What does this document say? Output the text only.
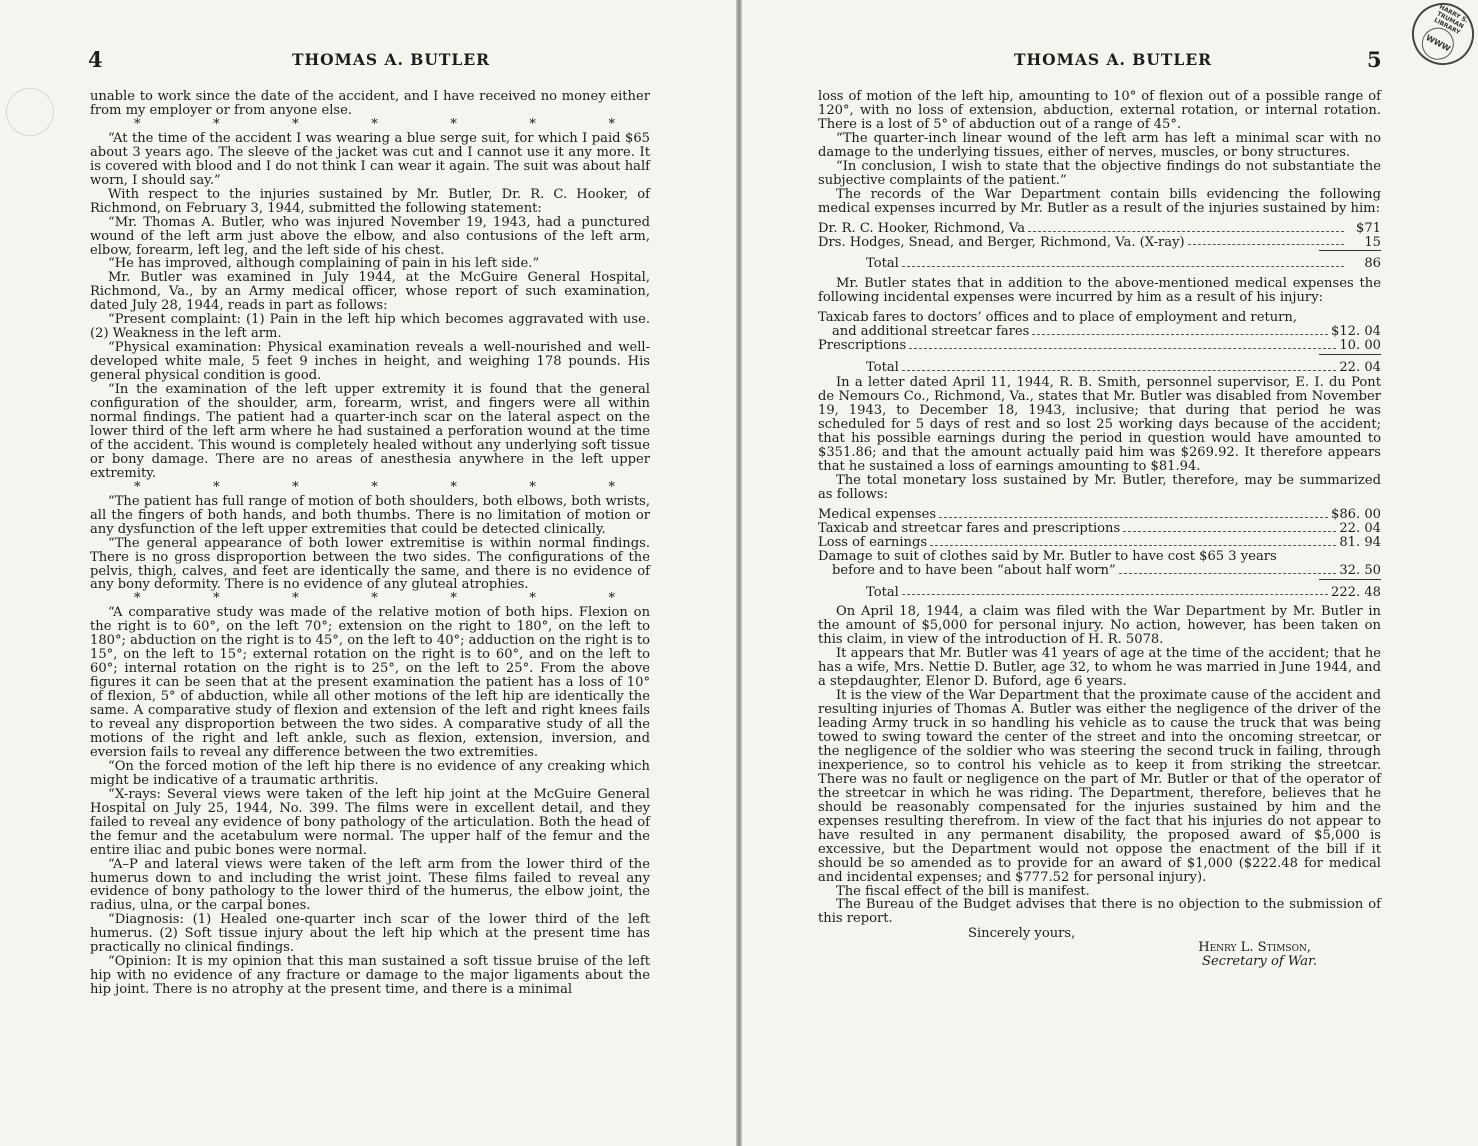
4	THOMAS A. BUTLER

unable to work since the date of the accident, and I have received no money either from my employer or from anyone else.

*	*	*	*	*	*	*

“At the time of the accident I was wearing a blue serge suit, for which I paid $65 about 3 years ago. The sleeve of the jacket was cut and I cannot use it any more. It is covered with blood and I do not think I can wear it again. The suit was about half worn, I should say.”

With respect to the injuries sustained by Mr. Butler, Dr. R. C. Hooker, of Richmond, on February 3, 1944, submitted the following statement:

“Mr. Thomas A. Butler, who was injured November 19, 1943, had a punctured wound of the left arm just above the elbow, and also contusions of the left arm, elbow, forearm, left leg, and the left side of his chest.

“He has improved, although complaining of pain in his left side.”

Mr. Butler was examined in July 1944, at the McGuire General Hospital, Richmond, Va., by an Army medical officer, whose report of such examination, dated July 28, 1944, reads in part as follows:

“Present complaint: (1) Pain in the left hip which becomes aggravated with use. (2) Weakness in the left arm.

“Physical examination: Physical examination reveals a well-nourished and well-developed white male, 5 feet 9 inches in height, and weighing 178 pounds. His general physical condition is good.

“In the examination of the left upper extremity it is found that the general configuration of the shoulder, arm, forearm, wrist, and fingers were all within normal findings. The patient had a quarter-inch scar on the lateral aspect on the lower third of the left arm where he had sustained a perforation wound at the time of the accident. This wound is completely healed without any underlying soft tissue or bony damage. There are no areas of anesthesia anywhere in the left upper extremity.

*	*	*	*	*	*	*

“The patient has full range of motion of both shoulders, both elbows, both wrists, all the fingers of both hands, and both thumbs. There is no limitation of motion or any dysfunction of the left upper extremities that could be detected clinically.

“The general appearance of both lower extremitise is within normal findings. There is no gross disproportion between the two sides. The configurations of the pelvis, thigh, calves, and feet are identically the same, and there is no evidence of any bony deformity. There is no evidence of any gluteal atrophies.

*	*	*	*	*	*	*

“A comparative study was made of the relative motion of both hips. Flexion on the right is to 60°, on the left 70°; extension on the right to 180°, on the left to 180°; abduction on the right is to 45°, on the left to 40°; adduction on the right is to 15°, on the left to 15°; external rotation on the right is to 60°, and on the left to 60°; internal rotation on the right is to 25°, on the left to 25°. From the above figures it can be seen that at the present examination the patient has a loss of 10° of flexion, 5° of abduction, while all other motions of the left hip are identically the same. A comparative study of flexion and extension of the left and right knees fails to reveal any disproportion between the two sides. A comparative study of all the motions of the right and left ankle, such as flexion, extension, inversion, and eversion fails to reveal any difference between the two extremities.

“On the forced motion of the left hip there is no evidence of any creaking which might be indicative of a traumatic arthritis.

“X-rays: Several views were taken of the left hip joint at the McGuire General Hospital on July 25, 1944, No. 399. The films were in excellent detail, and they failed to reveal any evidence of bony pathology of the articulation. Both the head of the femur and the acetabulum were normal. The upper half of the femur and the entire iliac and pubic bones were normal.

“A–P and lateral views were taken of the left arm from the lower third of the humerus down to and including the wrist joint. These films failed to reveal any evidence of bony pathology to the lower third of the humerus, the elbow joint, the radius, ulna, or the carpal bones.

“Diagnosis: (1) Healed one-quarter inch scar of the lower third of the left humerus. (2) Soft tissue injury about the left hip which at the present time has practically no clinical findings.

“Opinion: It is my opinion that this man sustained a soft tissue bruise of the left hip with no evidence of any fracture or damage to the major ligaments about the hip joint. There is no atrophy at the present time, and there is a minimal

THOMAS A. BUTLER	5

loss of motion of the left hip, amounting to 10° of flexion out of a possible range of 120°, with no loss of extension, abduction, external rotation, or internal rotation. There is a lost of 5° of abduction out of a range of 45°.

“The quarter-inch linear wound of the left arm has left a minimal scar with no damage to the underlying tissues, either of nerves, muscles, or bony structures.

“In conclusion, I wish to state that the objective findings do not substantiate the subjective complaints of the patient.”

The records of the War Department contain bills evidencing the following medical expenses incurred by Mr. Butler as a result of the injuries sustained by him:

Dr. R. C. Hooker, Richmond, Va	$71
Drs. Hodges, Snead, and Berger, Richmond, Va. (X-ray)	15
Total	86

Mr. Butler states that in addition to the above-mentioned medical expenses the following incidental expenses were incurred by him as a result of his injury:

Taxicab fares to doctors’ offices and to place of employment and return,
and additional streetcar fares	$12. 04
Prescriptions	10. 00
Total	22. 04

In a letter dated April 11, 1944, R. B. Smith, personnel supervisor, E. I. du Pont de Nemours Co., Richmond, Va., states that Mr. Butler was disabled from November 19, 1943, to December 18, 1943, inclusive; that during that period he was scheduled for 5 days of rest and so lost 25 working days because of the accident; that his possible earnings during the period in question would have amounted to $351.86; and that the amount actually paid him was $269.92. It therefore appears that he sustained a loss of earnings amounting to $81.94.

The total monetary loss sustained by Mr. Butler, therefore, may be summarized as follows:

Medical expenses	$86. 00
Taxicab and streetcar fares and prescriptions	22. 04
Loss of earnings	81. 94
Damage to suit of clothes said by Mr. Butler to have cost $65 3 years
before and to have been “about half worn”	32. 50
Total	222. 48

On April 18, 1944, a claim was filed with the War Department by Mr. Butler in the amount of $5,000 for personal injury. No action, however, has been taken on this claim, in view of the introduction of H. R. 5078.

It appears that Mr. Butler was 41 years of age at the time of the accident; that he has a wife, Mrs. Nettie D. Butler, age 32, to whom he was married in June 1944, and a stepdaughter, Elenor D. Buford, age 6 years.

It is the view of the War Department that the proximate cause of the accident and resulting injuries of Thomas A. Butler was either the negligence of the driver of the leading Army truck in so handling his vehicle as to cause the truck that was being towed to swing toward the center of the street and into the oncoming streetcar, or the negligence of the soldier who was steering the second truck in failing, through inexperience, so to control his vehicle as to keep it from striking the streetcar. There was no fault or negligence on the part of Mr. Butler or that of the operator of the streetcar in which he was riding. The Department, therefore, believes that he should be reasonably compensated for the injuries sustained by him and the expenses resulting therefrom. In view of the fact that his injuries do not appear to have resulted in any permanent disability, the proposed award of $5,000 is excessive, but the Department would not oppose the enactment of the bill if it should be so amended as to provide for an award of $1,000 ($222.48 for medical and incidental expenses; and $777.52 for personal injury).

The fiscal effect of the bill is manifest.

The Bureau of the Budget advises that there is no objection to the submission of this report.

Sincerely yours,
Henry L. Stimson,
Secretary of War.
HARRY S. TRUMAN LIBRARY
WWW
